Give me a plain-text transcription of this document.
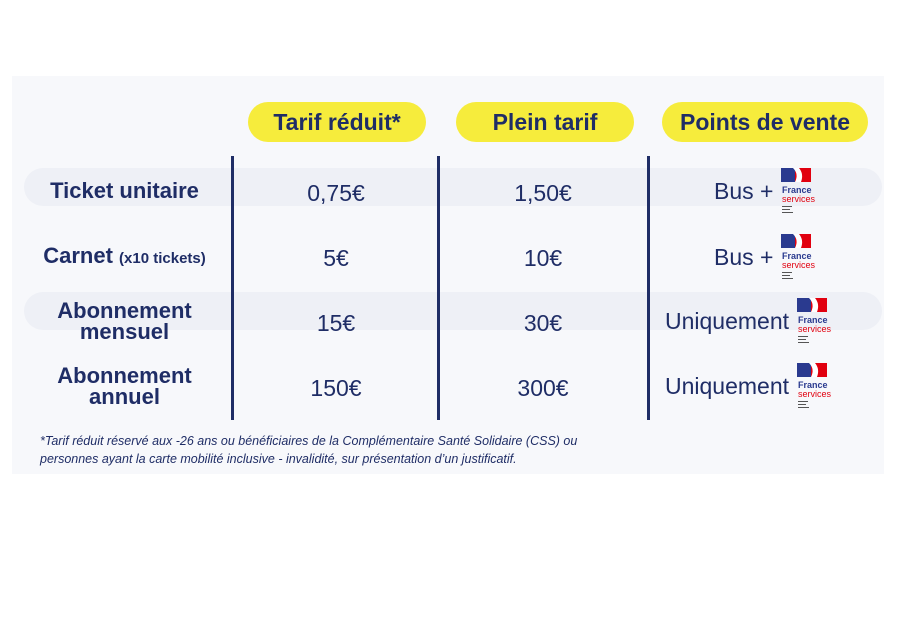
Tarif réduit*	Plein tarif	Points de vente
Ticket unitaire
Carnet (x10 tickets)
Abonnement
mensuel
Abonnement
annuel
0,75€
5€
15€
150€
1,50€
10€
30€
300€
Bus + France
services
Bus + France
services
Uniquement France
services
Uniquement France
services
*Tarif réduit réservé aux -26 ans ou bénéficiaires de la Complémentaire Santé Solidaire (CSS) ou
personnes ayant la carte mobilité inclusive - invalidité, sur présentation d’un justificatif.
